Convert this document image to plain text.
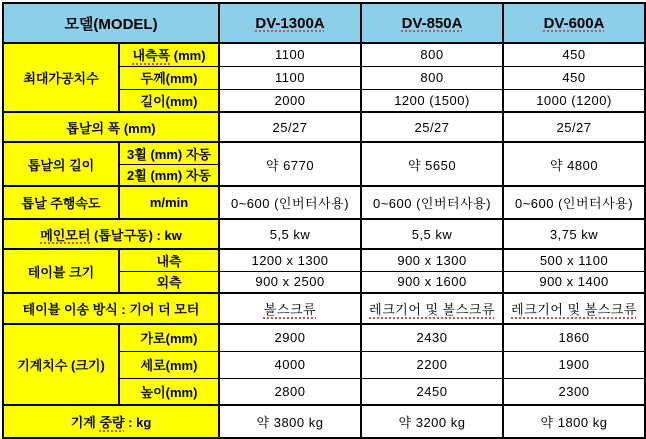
모델(MODEL)		DV-1300A	DV-850A	DV-600A
최대가공치수	내측폭 (mm)	1100	800	450
	두께(mm)	1100	800	450
	길이(mm)	2000	1200 (1500)	1000 (1200)
톱날의 폭 (mm)		25/27	25/27	25/27
톱날의 길이	3휠 (mm) 자동	약 6770	약 5650	약 4800
	2휠 (mm) 자동			
톱날 주행속도	m/min	0~600 (인버터사용)	0~600 (인버터사용)	0~600 (인버터사용)
메인모터 (톱날구동) : kw		5,5 kw	5,5 kw	3,75 kw
테이블 크기	내측	1200 x 1300	900 x 1300	500 x 1100
	외측	900 x 2500	900 x 1600	900 x 1400
테이블 이송 방식 : 기어 더 모터		볼스크류	레크기어 및 볼스크류	레크기어 및 볼스크류
기계치수 (크기)	가로(mm)	2900	2430	1860
	세로(mm)	4000	2200	1900
	높이(mm)	2800	2450	2300
기계 중량 : kg		약 3800 kg	약 3200 kg	약 1800 kg
